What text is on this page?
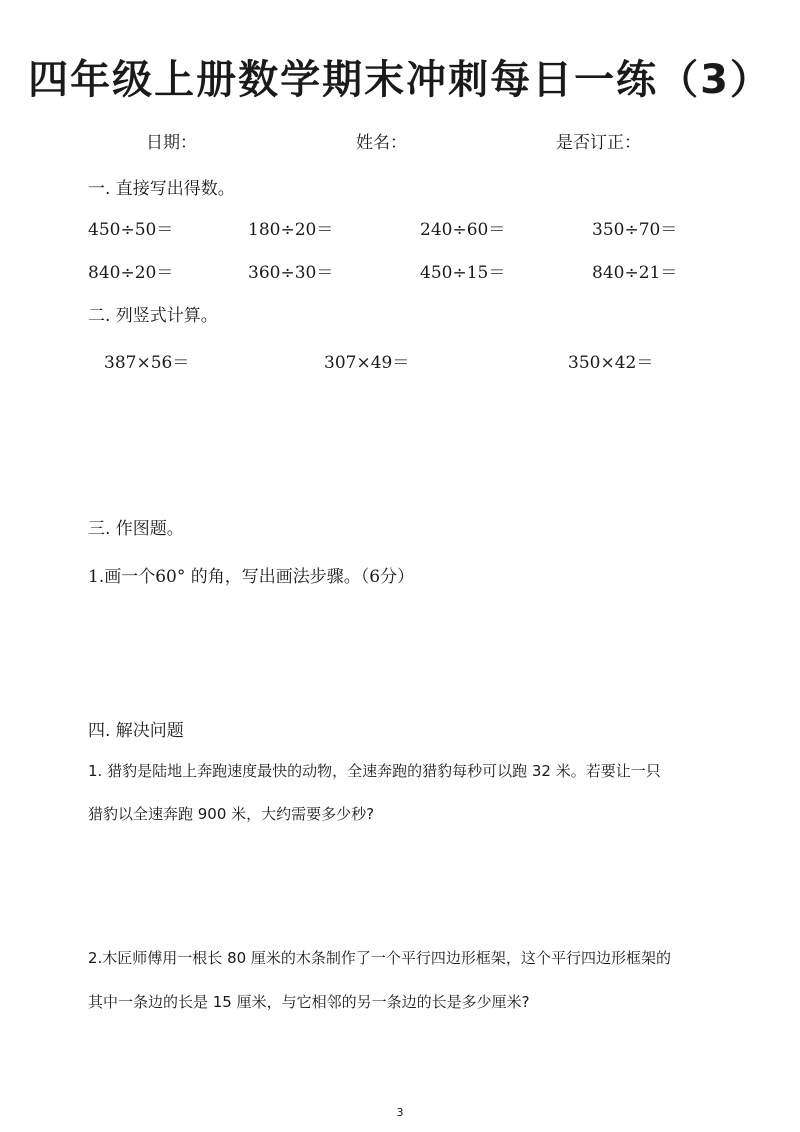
四年级上册数学期末冲刺每日一练（3）
日期：	姓名：	是否订正：
一. 直接写出得数。
450÷50＝	180÷20＝	240÷60＝	350÷70＝
840÷20＝	360÷30＝	450÷15＝	840÷21＝
二. 列竖式计算。
387×56＝	307×49＝	350×42＝
三. 作图题。
1.画一个60° 的角，写出画法步骤。（6分）
四. 解决问题
1. 猎豹是陆地上奔跑速度最快的动物，全速奔跑的猎豹每秒可以跑 32 米。若要让一只
猎豹以全速奔跑 900 米，大约需要多少秒?
2.木匠师傅用一根长 80 厘米的木条制作了一个平行四边形框架，这个平行四边形框架的
其中一条边的长是 15 厘米，与它相邻的另一条边的长是多少厘米?
3
